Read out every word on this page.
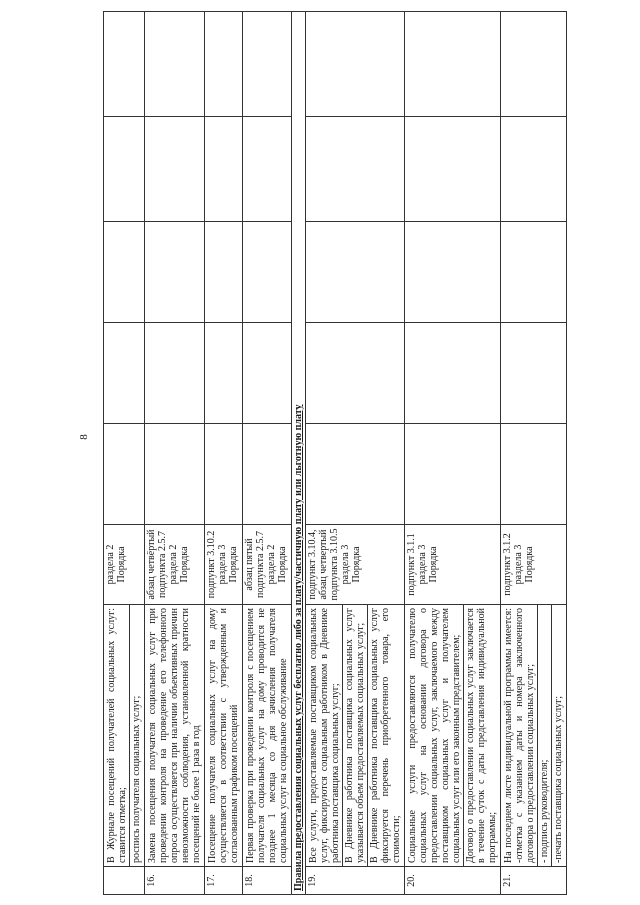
8

	В Журнале посещений получателей социальных услуг: ставится отметка; роспись получателя социальных услуг;	раздела 2 Порядка					
16.	Замена посещения получателя социальных услуг при проведении контроля на проведение его телефонного опроса осуществляется при наличии объективных причин невозможности соблюдения, установленной кратности посещений не более 1 раза в год	абзац четвёртый подпункта 2.5.7 раздела 2 Порядка					
17.	Посещение получателя социальных услуг на дому осуществляется в соответствии с утвержденным и согласованным графиком посещений	подпункт 3.10.2 раздела 3 Порядка					
18.	Первая проверка при проведении контроля с посещением получателя социальных услуг на дому проводится не позднее 1 месяца со дня зачисления получателя социальных услуг на социальное обслуживание	абзац пятый подпункта 2.5.7 раздела 2 Порядка					
Правила предоставления социальных услуг бесплатно либо за плату/частичную плату или льготную плату							
19.	Все услуги, предоставляемые поставщиком социальных услуг, фиксируются социальным работником в Дневнике работника поставщика социальных услуг; В Дневнике работника поставщика социальных услуг указывается объем предоставляемых социальных услуг; В Дневнике работника поставщика социальных услуг фиксируется перечень приобретенного товара, его стоимости;	подпункт 3.10.4, абзац четвертый подпункта 3.10.5 раздела 3 Порядка					
20.	Социальные услуги предоставляются получателю социальных услуг на основании договора о предоставлении социальных услуг, заключаемого между поставщиком социальных услуг и получателем социальных услуг или его законным представителем; Договор о предоставлении социальных услуг заключается в течение суток с даты представления индивидуальной программы;	подпункт 3.1.1 раздела 3 Порядка					
21.	На последнем листе индивидуальной программы имеется: -отметка с указанием даты и номера заключенного договора о предоставлении социальных услуг; - подпись руководителя; -печать поставщика социальных услуг;	подпункт 3.1.2 раздела 3 Порядка					
